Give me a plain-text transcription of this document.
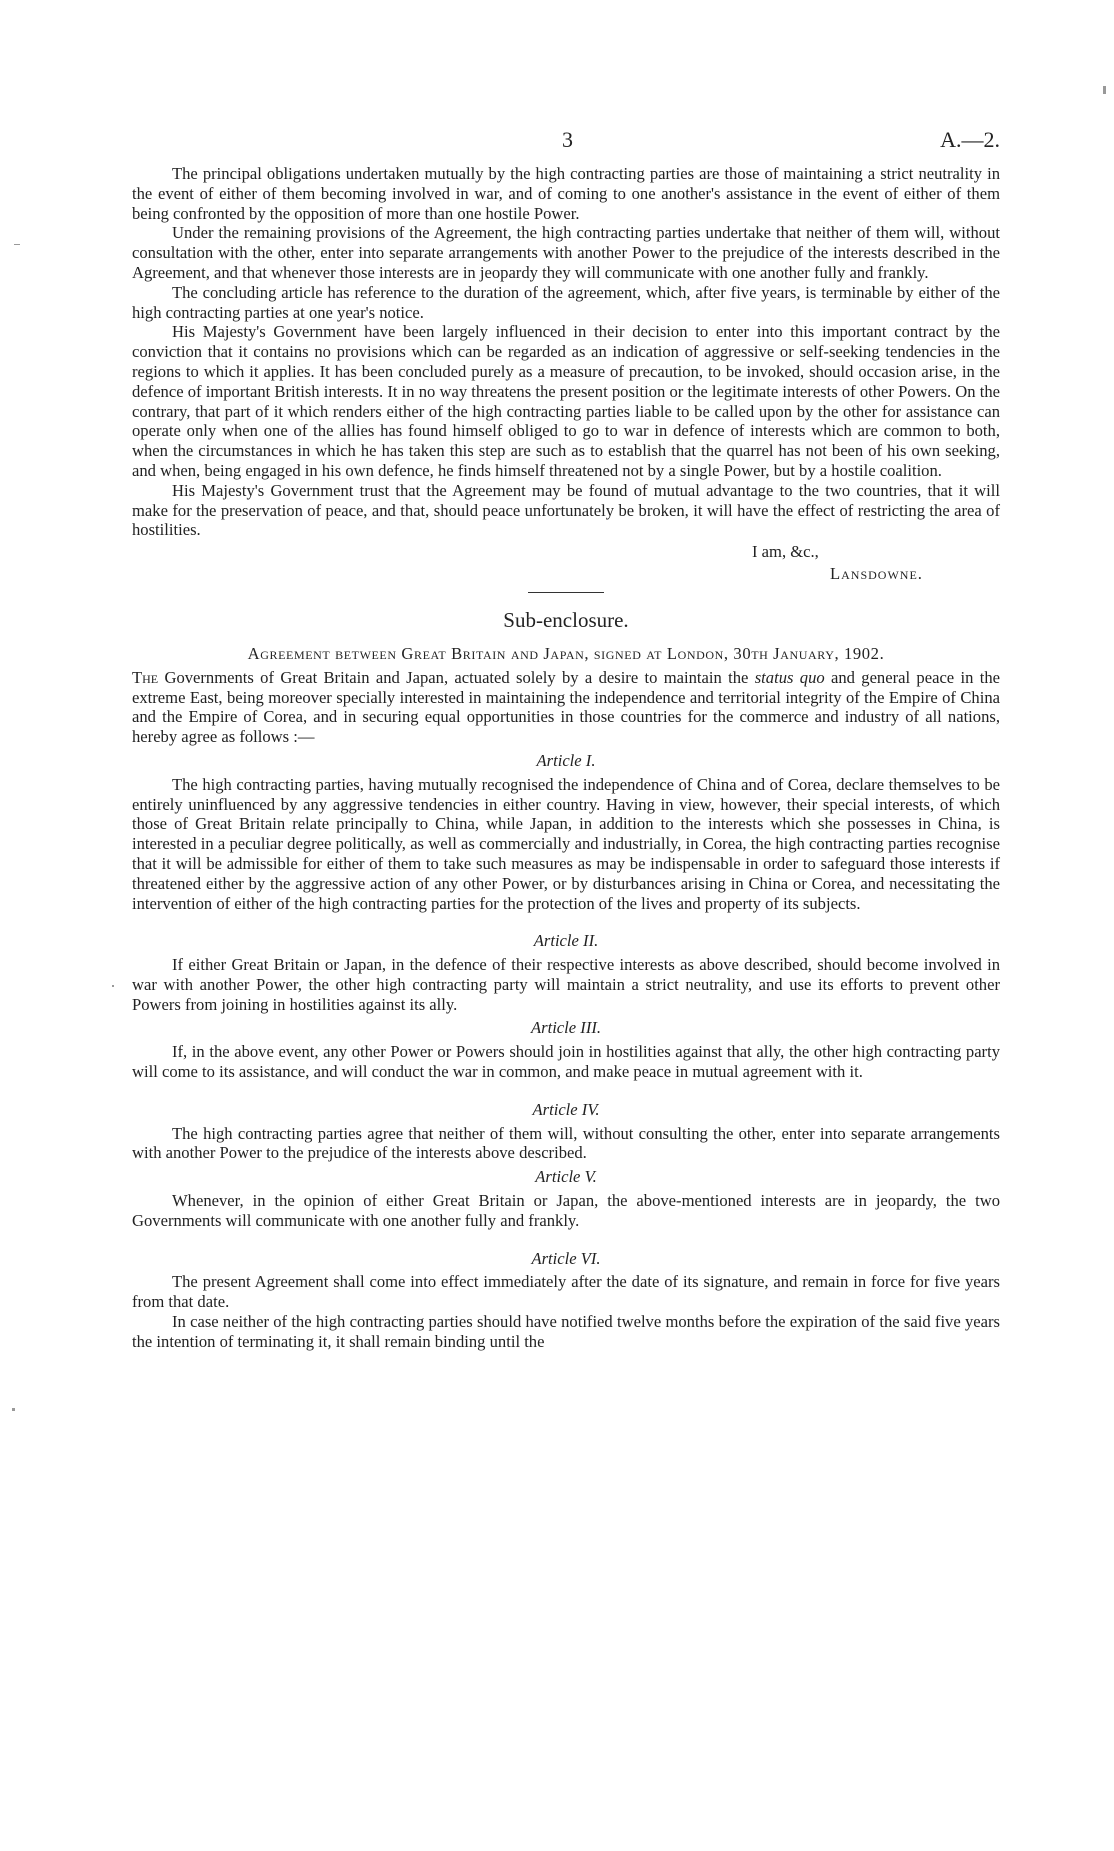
3	A.—2.

The principal obligations undertaken mutually by the high contracting parties are those of maintaining a strict neutrality in the event of either of them becoming involved in war, and of coming to one another's assistance in the event of either of them being confronted by the opposition of more than one hostile Power.

Under the remaining provisions of the Agreement, the high contracting parties undertake that neither of them will, without consultation with the other, enter into separate arrangements with another Power to the prejudice of the interests described in the Agreement, and that whenever those interests are in jeopardy they will communicate with one another fully and frankly.

The concluding article has reference to the duration of the agreement, which, after five years, is terminable by either of the high contracting parties at one year's notice.

His Majesty's Government have been largely influenced in their decision to enter into this important contract by the conviction that it contains no provisions which can be regarded as an indication of aggressive or self-seeking tendencies in the regions to which it applies. It has been concluded purely as a measure of precaution, to be invoked, should occasion arise, in the defence of important British interests. It in no way threatens the present position or the legitimate interests of other Powers. On the contrary, that part of it which renders either of the high contracting parties liable to be called upon by the other for assistance can operate only when one of the allies has found himself obliged to go to war in defence of interests which are common to both, when the circumstances in which he has taken this step are such as to establish that the quarrel has not been of his own seeking, and when, being engaged in his own defence, he finds himself threatened not by a single Power, but by a hostile coalition.

His Majesty's Government trust that the Agreement may be found of mutual advantage to the two countries, that it will make for the preservation of peace, and that, should peace unfortunately be broken, it will have the effect of restricting the area of hostilities.

I am, &c.,
Lansdowne.
Sub-enclosure.
Agreement between Great Britain and Japan, signed at London, 30th January, 1902.

The Governments of Great Britain and Japan, actuated solely by a desire to maintain the status quo and general peace in the extreme East, being moreover specially interested in maintaining the independence and territorial integrity of the Empire of China and the Empire of Corea, and in securing equal opportunities in those countries for the commerce and industry of all nations, hereby agree as follows :—

Article I.

The high contracting parties, having mutually recognised the independence of China and of Corea, declare themselves to be entirely uninfluenced by any aggressive tendencies in either country. Having in view, however, their special interests, of which those of Great Britain relate principally to China, while Japan, in addition to the interests which she possesses in China, is interested in a peculiar degree politically, as well as commercially and industrially, in Corea, the high contracting parties recognise that it will be admissible for either of them to take such measures as may be indispensable in order to safeguard those interests if threatened either by the aggressive action of any other Power, or by disturbances arising in China or Corea, and necessitating the intervention of either of the high contracting parties for the protection of the lives and property of its subjects.

Article II.

If either Great Britain or Japan, in the defence of their respective interests as above described, should become involved in war with another Power, the other high contracting party will maintain a strict neutrality, and use its efforts to prevent other Powers from joining in hostilities against its ally.

Article III.

If, in the above event, any other Power or Powers should join in hostilities against that ally, the other high contracting party will come to its assistance, and will conduct the war in common, and make peace in mutual agreement with it.

Article IV.

The high contracting parties agree that neither of them will, without consulting the other, enter into separate arrangements with another Power to the prejudice of the interests above described.

Article V.

Whenever, in the opinion of either Great Britain or Japan, the above-mentioned interests are in jeopardy, the two Governments will communicate with one another fully and frankly.

Article VI.

The present Agreement shall come into effect immediately after the date of its signature, and remain in force for five years from that date.

In case neither of the high contracting parties should have notified twelve months before the expiration of the said five years the intention of terminating it, it shall remain binding until the
